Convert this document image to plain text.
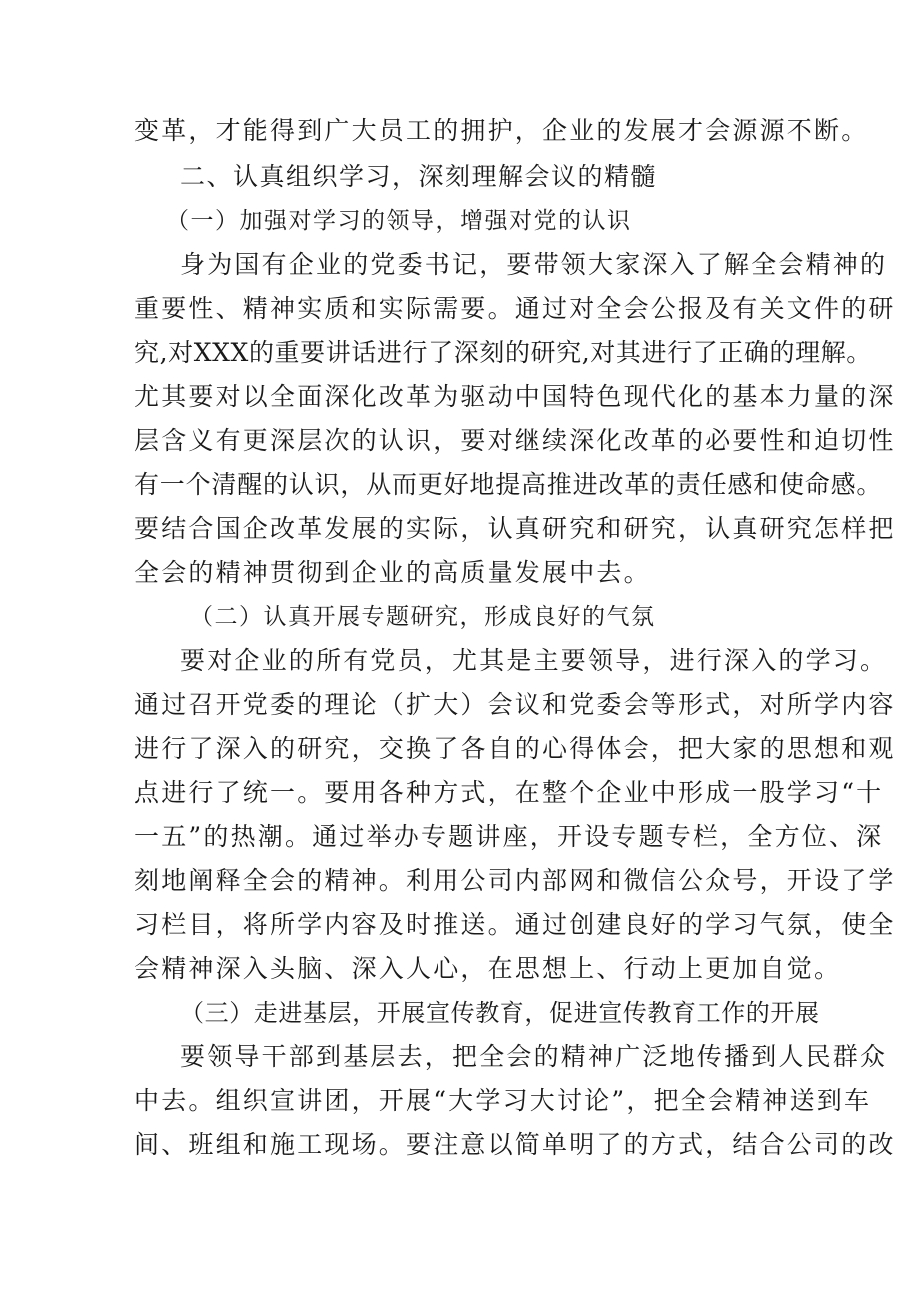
变革，才能得到广大员工的拥护，企业的发展才会源源不断。
二、认真组织学习，深刻理解会议的精髓
（一）加强对学习的领导，增强对党的认识
身为国有企业的党委书记，要带领大家深入了解全会精神的
重要性、精神实质和实际需要。通过对全会公报及有关文件的研
究,对XXX的重要讲话进行了深刻的研究,对其进行了正确的理解。
尤其要对以全面深化改革为驱动中国特色现代化的基本力量的深
层含义有更深层次的认识，要对继续深化改革的必要性和迫切性
有一个清醒的认识，从而更好地提高推进改革的责任感和使命感。
要结合国企改革发展的实际，认真研究和研究，认真研究怎样把
全会的精神贯彻到企业的高质量发展中去。
（二）认真开展专题研究，形成良好的气氛
要对企业的所有党员，尤其是主要领导，进行深入的学习。
通过召开党委的理论（扩大）会议和党委会等形式，对所学内容
进行了深入的研究，交换了各自的心得体会，把大家的思想和观
点进行了统一。要用各种方式，在整个企业中形成一股学习“十
一五”的热潮。通过举办专题讲座，开设专题专栏，全方位、深
刻地阐释全会的精神。利用公司内部网和微信公众号，开设了学
习栏目，将所学内容及时推送。通过创建良好的学习气氛，使全
会精神深入头脑、深入人心，在思想上、行动上更加自觉。
（三）走进基层，开展宣传教育，促进宣传教育工作的开展
要领导干部到基层去，把全会的精神广泛地传播到人民群众
中去。组织宣讲团，开展“大学习大讨论”，把全会精神送到车
间、班组和施工现场。要注意以简单明了的方式，结合公司的改
